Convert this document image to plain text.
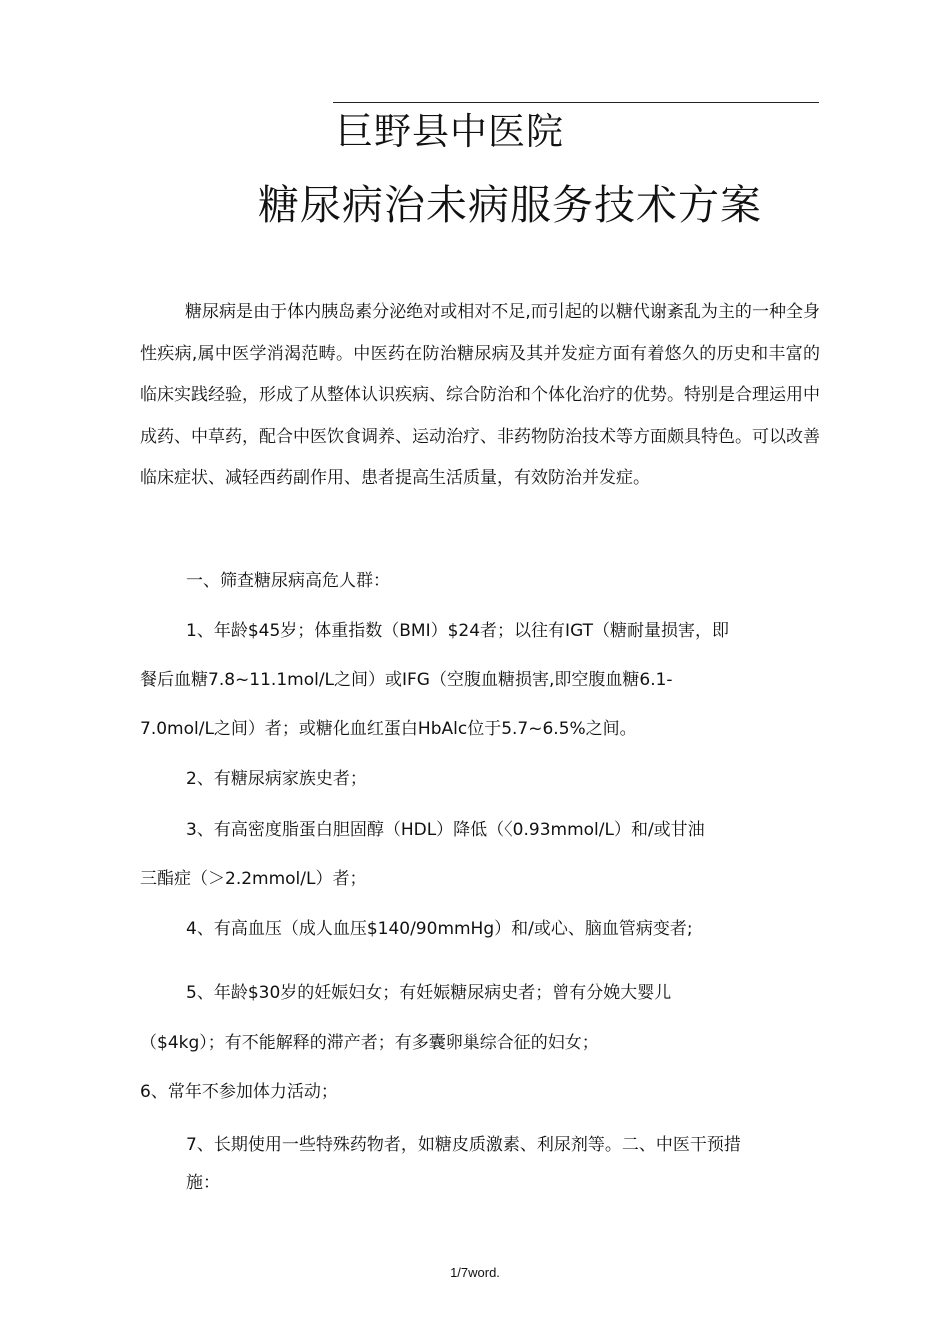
巨野县中医院
糖尿病治未病服务技术方案

糖尿病是由于体内胰岛素分泌绝对或相对不足,而引起的以糖代谢紊乱为主的一种全身性疾病,属中医学消渴范畴。中医药在防治糖尿病及其并发症方面有着悠久的历史和丰富的临床实践经验，形成了从整体认识疾病、综合防治和个体化治疗的优势。特别是合理运用中成药、中草药，配合中医饮食调养、运动治疗、非药物防治技术等方面颇具特色。可以改善临床症状、减轻西药副作用、患者提高生活质量，有效防治并发症。

一、筛查糖尿病高危人群：

1、年龄$45岁；体重指数（BMI）$24者；以往有IGT（糖耐量损害，即

餐后血糖7.8~11.1mol/L之间）或IFG（空腹血糖损害,即空腹血糖6.1-

7.0mol/L之间）者；或糖化血红蛋白HbAlc位于5.7~6.5%之间。

2、有糖尿病家族史者；

3、有高密度脂蛋白胆固醇（HDL）降低（〈0.93mmol/L）和/或甘油

三酯症（＞2.2mmol/L）者；

4、有高血压（成人血压$140/90mmHg）和/或心、脑血管病变者;

5、年龄$30岁的妊娠妇女；有妊娠糖尿病史者；曾有分娩大婴儿

（$4kg）；有不能解释的滞产者；有多囊卵巢综合征的妇女；

6、常年不参加体力活动；

7、长期使用一些特殊药物者，如糖皮质激素、利尿剂等。二、中医干预措

施：

1/7word.
